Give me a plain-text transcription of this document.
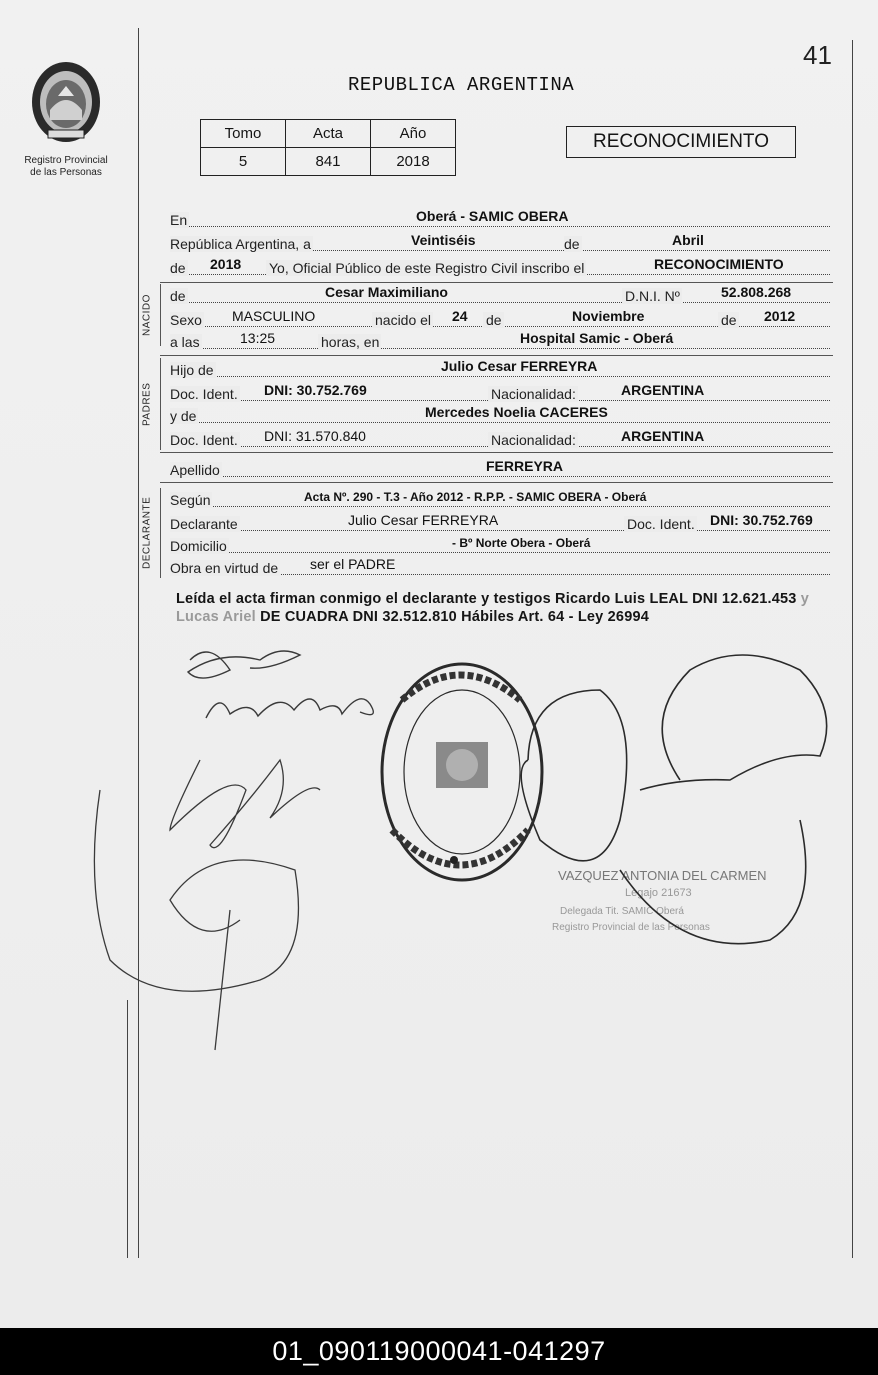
Registro Provincial
de las Personas
41
REPUBLICA ARGENTINA
Tomo	Acta	Año
5	841	2018
RECONOCIMIENTO
En	Oberá - SAMIC OBERA
República Argentina, a	Veintiséis	de	Abril
de 2018 Yo, Oficial Público de este Registro Civil inscribo el	RECONOCIMIENTO
NACIDO	de	Cesar Maximiliano	D.N.I. Nº	52.808.268
Sexo MASCULINO	nacido el 24 de	Noviembre	de 2012
a las	13:25	horas, en	Hospital Samic - Oberá
PADRES
Hijo de	Julio Cesar FERREYRA
Doc. Ident. DNI: 30.752.769	Nacionalidad:	ARGENTINA
y de	Mercedes Noelia CACERES
Doc. Ident. DNI: 31.570.840	Nacionalidad:	ARGENTINA
Apellido	FERREYRA
DECLARANTE	Según	Acta Nº. 290 - T.3 - Año 2012 - R.P.P. - SAMIC OBERA - Oberá
Declarante	Julio Cesar FERREYRA	Doc. Ident. DNI: 30.752.769
Domicilio	- Bº Norte Obera - Oberá
Obra en virtud de ser el PADRE
Leída el acta firman conmigo el declarante y testigos Ricardo Luis LEAL DNI 12.621.453 y Lucas Ariel DE CUADRA DNI 32.512.810 Hábiles Art. 64 - Ley 26994
VAZQUEZ ANTONIA DEL CARMEN
Legajo 21673
Delegada Tit. SAMIC Oberá
Registro Provincial de las Personas
01_090119000041-041297
